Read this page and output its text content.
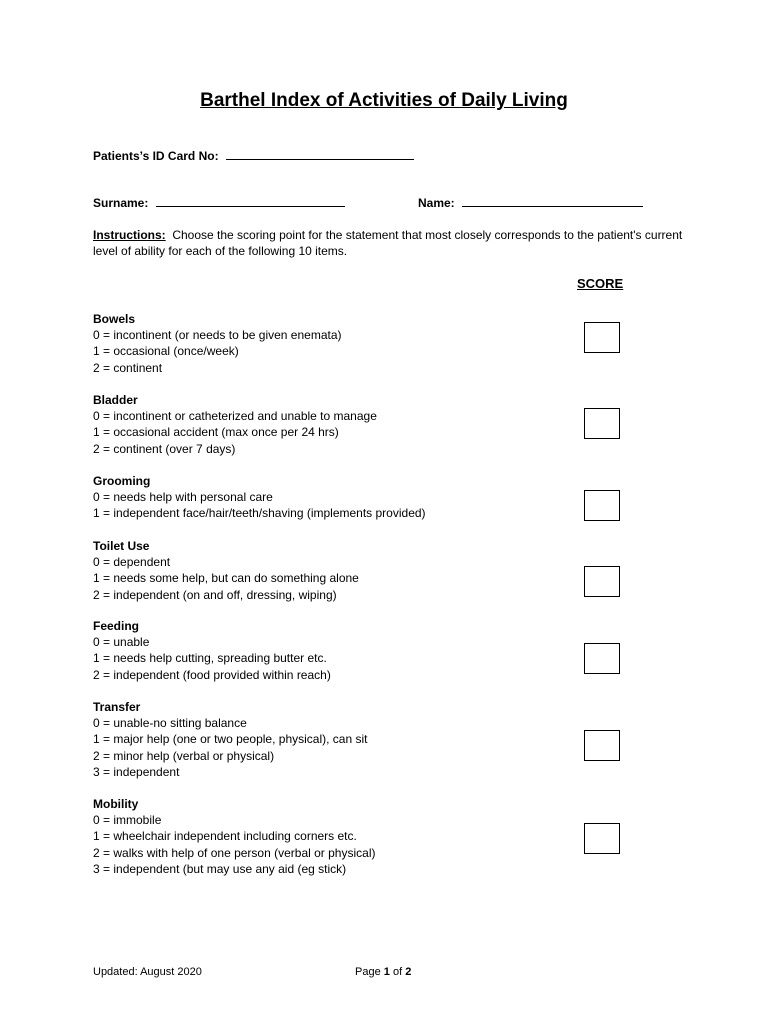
Barthel Index of Activities of Daily Living
Patients’s ID Card No:
Surname:	Name:
Instructions: Choose the scoring point for the statement that most closely corresponds to the patient's current level of ability for each of the following 10 items.
SCORE
Bowels
0 = incontinent (or needs to be given enemata)
1 = occasional (once/week)
2 = continent
Bladder
0 = incontinent or catheterized and unable to manage
1 = occasional accident (max once per 24 hrs)
2 = continent (over 7 days)
Grooming
0 = needs help with personal care
1 = independent face/hair/teeth/shaving (implements provided)
Toilet Use
0 = dependent
1 = needs some help, but can do something alone
2 = independent (on and off, dressing, wiping)
Feeding
0 = unable
1 = needs help cutting, spreading butter etc.
2 = independent (food provided within reach)
Transfer
0 = unable-no sitting balance
1 = major help (one or two people, physical), can sit
2 = minor help (verbal or physical)
3 = independent
Mobility
0 = immobile
1 = wheelchair independent including corners etc.
2 = walks with help of one person (verbal or physical)
3 = independent (but may use any aid (eg stick)
Updated: August 2020	Page 1 of 2
